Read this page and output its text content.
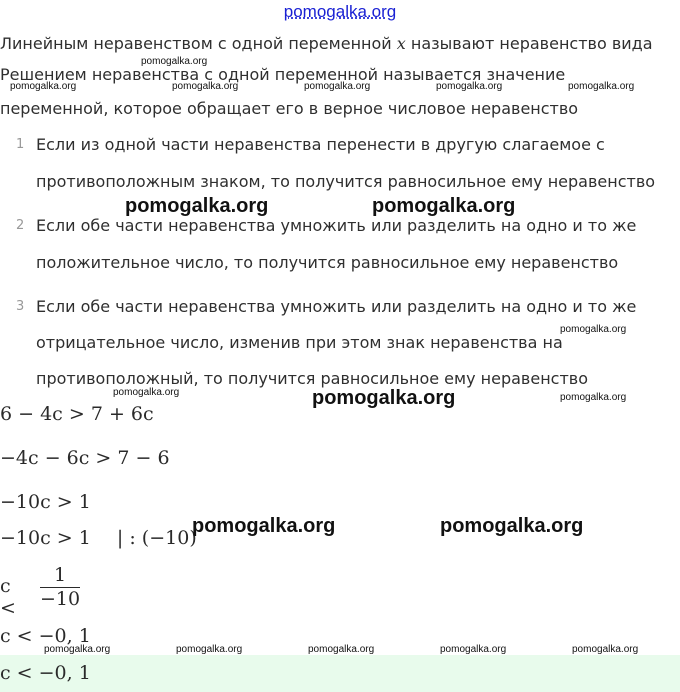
pomogalka.org
Линейным неравенством с одной переменной x называют неравенство вида
pomogalka.org
Решением неравенства с одной переменной называется значение
pomogalka.org	pomogalka.org	pomogalka.org	pomogalka.org	pomogalka.org
переменной, которое обращает его в верное числовое неравенство
1 Если из одной части неравенства перенести в другую слагаемое с
противоположным знаком, то получится равносильное ему неравенство
pomogalka.org	pomogalka.org
2 Если обе части неравенства умножить или разделить на одно и то же
положительное число, то получится равносильное ему неравенство
3 Если обе части неравенства умножить или разделить на одно и то же
pomogalka.org
отрицательное число, изменив при этом знак неравенства на
противоположный, то получится равносильное ему неравенство
pomogalka.org	pomogalka.org	pomogalka.org
6 − 4c > 7 + 6c
−4c − 6c > 7 − 6
−10c > 1
−10c > 1 | : (−10)
pomogalka.org	pomogalka.org
c <
1
−10
c < −0, 1
pomogalka.org	pomogalka.org	pomogalka.org	pomogalka.org	pomogalka.org
c < −0, 1
